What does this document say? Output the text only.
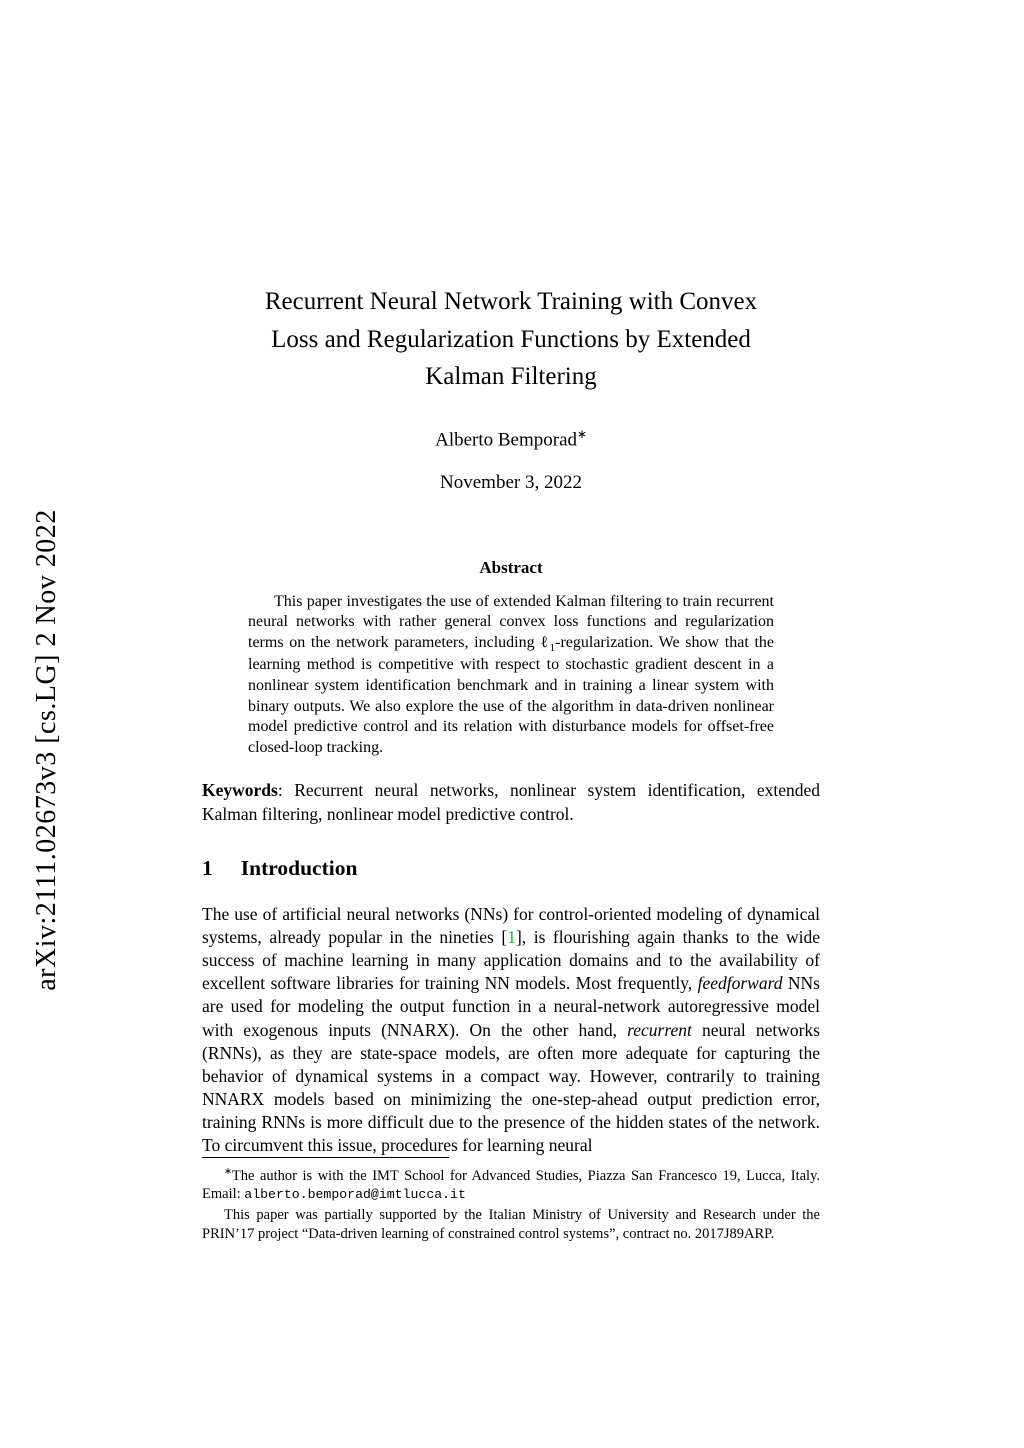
arXiv:2111.02673v3 [cs.LG] 2 Nov 2022
Recurrent Neural Network Training with Convex
Loss and Regularization Functions by Extended
Kalman Filtering
Alberto Bemporad∗
November 3, 2022
Abstract

This paper investigates the use of extended Kalman filtering to train recurrent neural networks with rather general convex loss functions and regularization terms on the network parameters, including ℓ$_1$-regularization. We show that the learning method is competitive with respect to stochastic gradient descent in a nonlinear system identification benchmark and in training a linear system with binary outputs. We also explore the use of the algorithm in data-driven nonlinear model predictive control and its relation with disturbance models for offset-free closed-loop tracking.

Keywords: Recurrent neural networks, nonlinear system identification, extended Kalman filtering, nonlinear model predictive control.

1 Introduction

The use of artificial neural networks (NNs) for control-oriented modeling of dynamical systems, already popular in the nineties [1], is flourishing again thanks to the wide success of machine learning in many application domains and to the availability of excellent software libraries for training NN models. Most frequently, feedforward NNs are used for modeling the output function in a neural-network autoregressive model with exogenous inputs (NNARX). On the other hand, recurrent neural networks (RNNs), as they are state-space models, are often more adequate for capturing the behavior of dynamical systems in a compact way. However, contrarily to training NNARX models based on minimizing the one-step-ahead output prediction error, training RNNs is more difficult due to the presence of the hidden states of the network. To circumvent this issue, procedures for learning neural

∗The author is with the IMT School for Advanced Studies, Piazza San Francesco 19, Lucca, Italy. Email: alberto.bemporad@imtlucca.it

This paper was partially supported by the Italian Ministry of University and Research under the PRIN’17 project “Data-driven learning of constrained control systems”, contract no. 2017J89ARP.
